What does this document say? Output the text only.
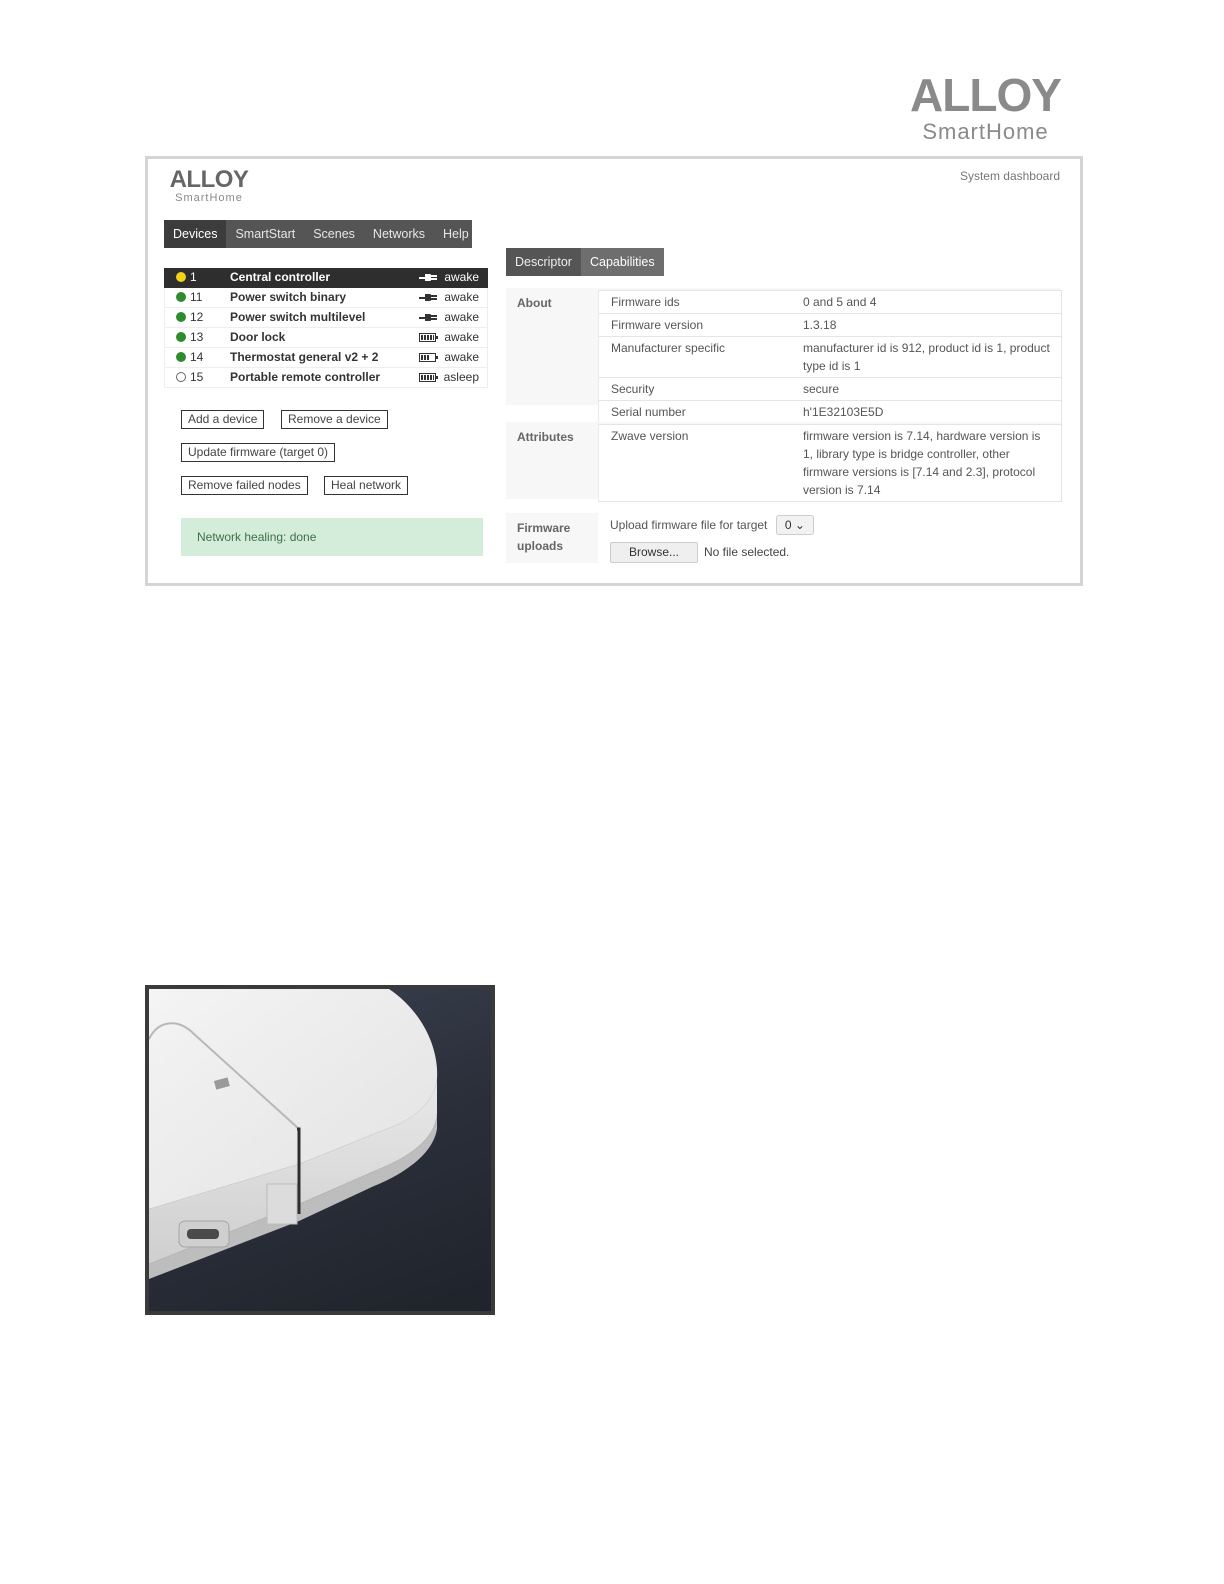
ALLOY
SmartHome
ALLOY
SmartHome
System dashboard
Devices	SmartStart	Scenes	Networks	Help
1	Central controller	awake
11 Power switch binary	awake
12 Power switch multilevel	awake
13 Door lock	awake
14 Thermostat general v2 + 2	awake
15 Portable remote controller	asleep
Add a device	Remove a device
Update firmware (target 0)
Remove failed nodes	Heal network
Network healing: done
Descriptor	Capabilities
About	Firmware ids	0 and 5 and 4
Firmware version	1.3.18
Manufacturer specific	manufacturer id is 912, product id is 1, product type id is 1
Security	secure
Serial number	h'1E32103E5D
Attributes	Zwave version	firmware version is 7.14, hardware version is 1, library type is bridge controller, other firmware versions is [7.14 and 2.3], protocol version is 7.14
Firmware uploads
Upload firmware file for target 0 ⌄
Browse...	No file selected.
